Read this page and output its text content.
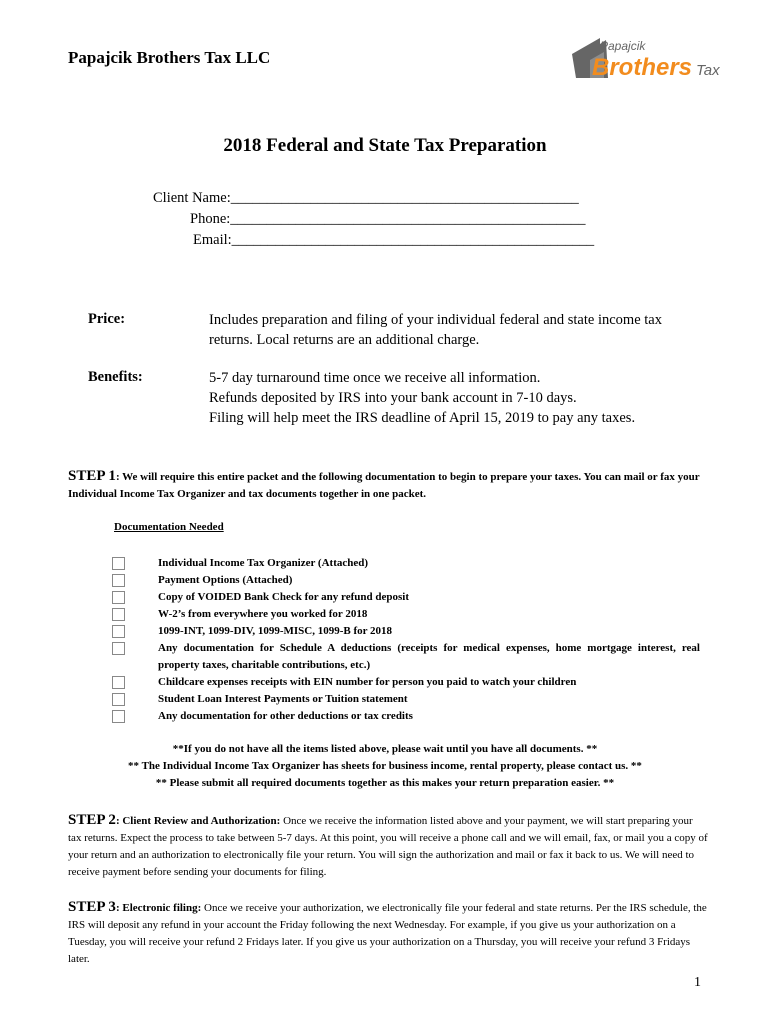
Papajcik Brothers Tax LLC
Papajcik
Brothers Tax
2018 Federal and State Tax Preparation
Client Name:________________________________________________
Phone:_________________________________________________
Email:__________________________________________________
Price:	Includes preparation and filing of your individual federal and state income tax
returns. Local returns are an additional charge.
Benefits:	5-7 day turnaround time once we receive all information.
Refunds deposited by IRS into your bank account in 7-10 days.
Filing will help meet the IRS deadline of April 15, 2019 to pay any taxes.
STEP 1: We will require this entire packet and the following documentation to begin to prepare your taxes. You can mail or fax your Individual Income Tax Organizer and tax documents together in one packet.
Documentation Needed
Individual Income Tax Organizer (Attached)
Payment Options (Attached)
Copy of VOIDED Bank Check for any refund deposit
W-2’s from everywhere you worked for 2018
1099-INT, 1099-DIV, 1099-MISC, 1099-B for 2018
Any documentation for Schedule A deductions (receipts for medical expenses, home mortgage interest, real property taxes, charitable contributions, etc.)
Childcare expenses receipts with EIN number for person you paid to watch your children
Student Loan Interest Payments or Tuition statement
Any documentation for other deductions or tax credits
**If you do not have all the items listed above, please wait until you have all documents. **
** The Individual Income Tax Organizer has sheets for business income, rental property, please contact us. **
** Please submit all required documents together as this makes your return preparation easier. **
STEP 2: Client Review and Authorization: Once we receive the information listed above and your payment, we will start preparing your tax returns. Expect the process to take between 5-7 days. At this point, you will receive a phone call and we will email, fax, or mail you a copy of your return and an authorization to electronically file your return. You will sign the authorization and mail or fax it back to us. We will need to receive payment before sending your documents for filing.
STEP 3: Electronic filing: Once we receive your authorization, we electronically file your federal and state returns. Per the IRS schedule, the IRS will deposit any refund in your account the Friday following the next Wednesday. For example, if you give us your authorization on a Tuesday, you will receive your refund 2 Fridays later. If you give us your authorization on a Thursday, you will receive your refund 3 Fridays later.
1
